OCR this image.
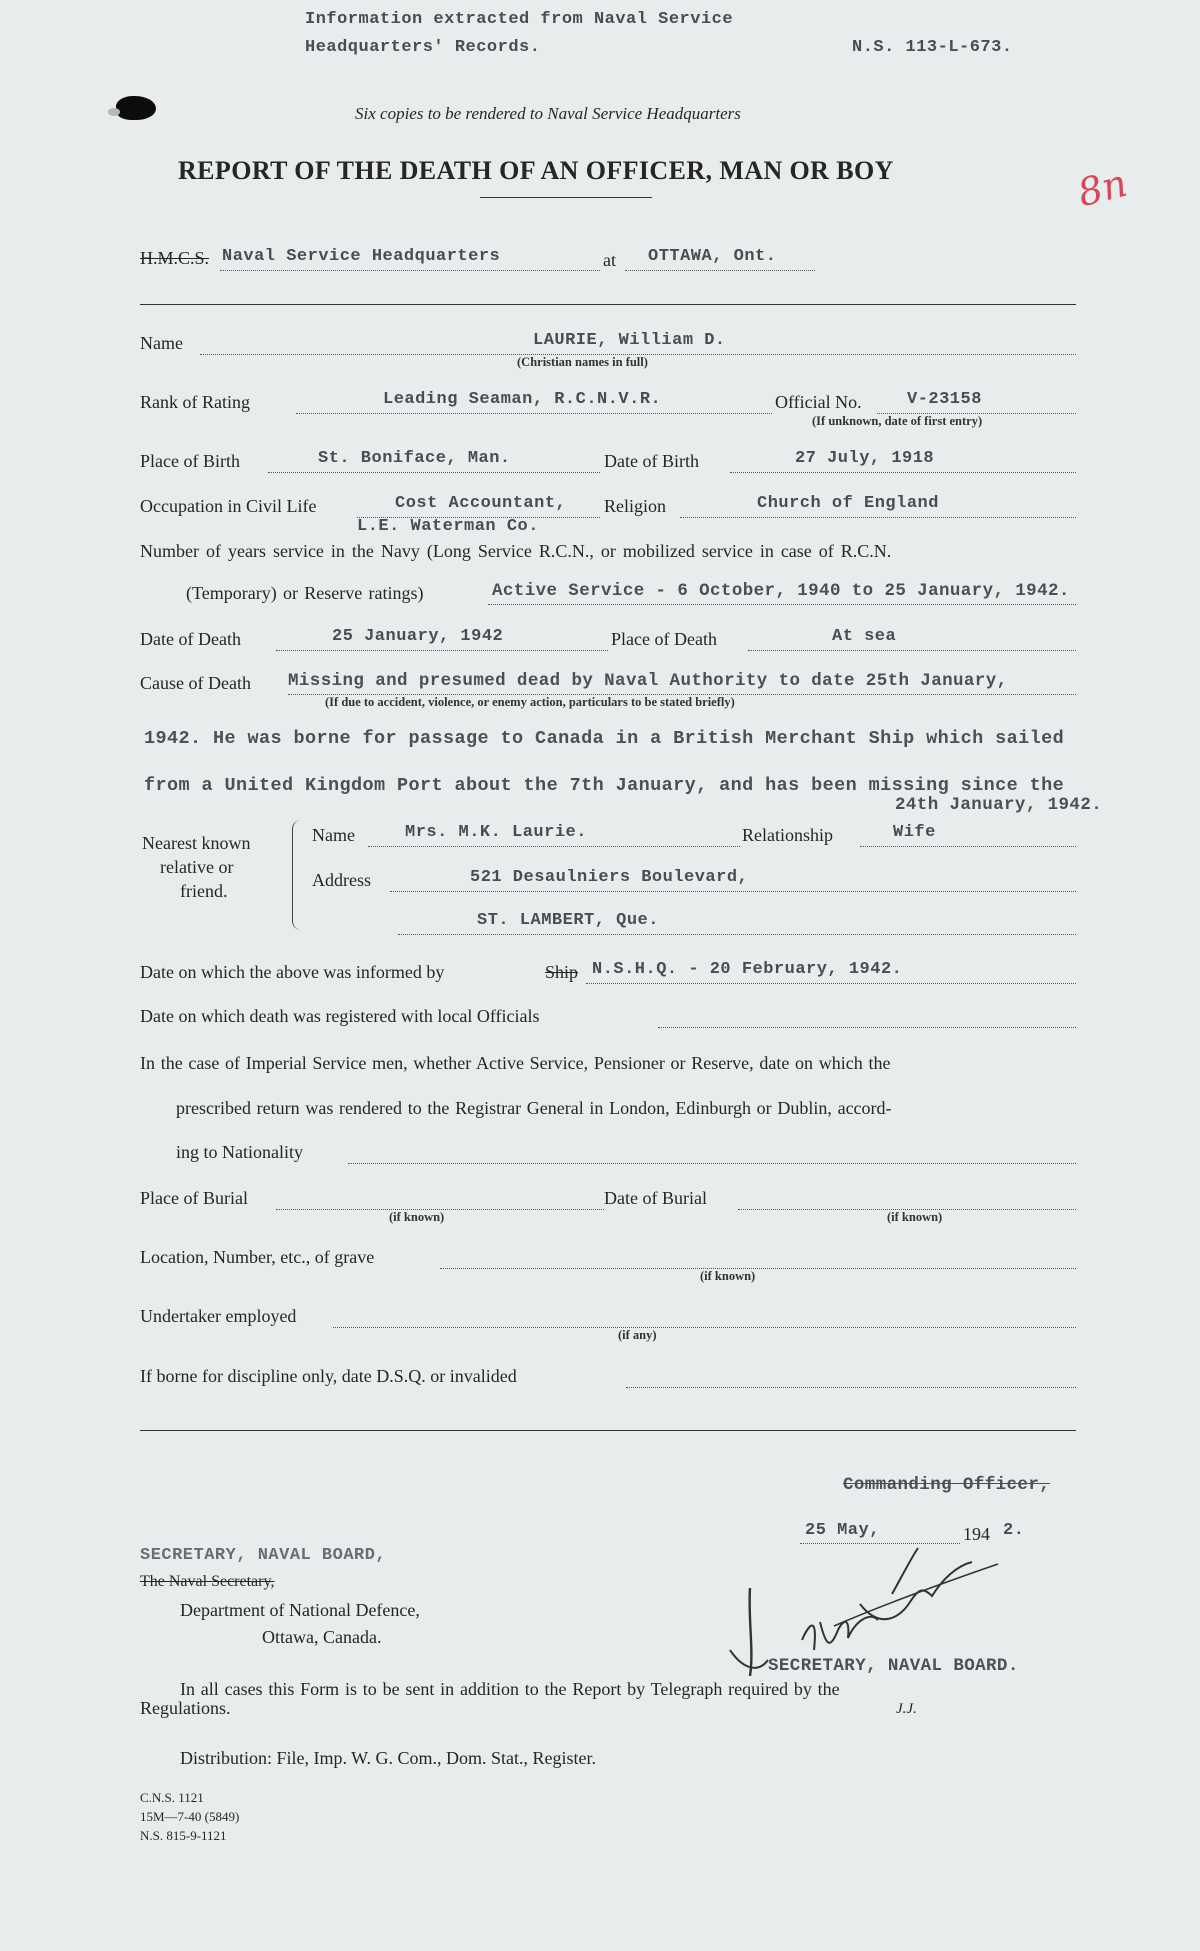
Information extracted from Naval Service
Headquarters' Records.	N.S. 113-L-673.
Six copies to be rendered to Naval Service Headquarters
REPORT OF THE DEATH OF AN OFFICER, MAN OR BOY	8n
H.M.C.S. Naval Service Headquarters	at OTTAWA, Ont.
Name	LAURIE, William D.
(Christian names in full)
Rank of Rating	Leading Seaman, R.C.N.V.R.	Official No.	V-23158
(If unknown, date of first entry)
Place of Birth	St. Boniface, Man.	Date of Birth	27 July, 1918
Occupation in Civil Life	Cost Accountant,
L.E. Waterman Co.
Religion	Church of England
Number of years service in the Navy (Long Service R.C.N., or mobilized service in case of R.C.N.
(Temporary) or Reserve ratings)	Active Service - 6 October, 1940 to 25 January, 1942.
Date of Death	25 January, 1942	Place of Death	At sea
Cause of Death Missing and presumed dead by Naval Authority to date 25th January,
(If due to accident, violence, or enemy action, particulars to be stated briefly)
1942. He was borne for passage to Canada in a British Merchant Ship which sailed
from a United Kingdom Port about the 7th January, and has been missing since the
24th January, 1942.
Nearest known
relative or
friend.
Name	Mrs. M.K. Laurie.	Relationship	Wife
Address	521 Desaulniers Boulevard,
ST. LAMBERT, Que.
Date on which the above was informed by	Ship N.S.H.Q. - 20 February, 1942.
Date on which death was registered with local Officials
In the case of Imperial Service men, whether Active Service, Pensioner or Reserve, date on which the
prescribed return was rendered to the Registrar General in London, Edinburgh or Dublin, accord-
ing to Nationality
Place of Burial
(if known)
Date of Burial
(if known)
Location, Number, etc., of grave
(if known)
Undertaker employed
(if any)
If borne for discipline only, date D.S.Q. or invalided
Commanding Officer,
25 May,	194 2.
SECRETARY, NAVAL BOARD,
The Naval Secretary,
Department of National Defence,
Ottawa, Canada.
SECRETARY, NAVAL BOARD.
In all cases this Form is to be sent in addition to the Report by Telegraph required by the
Regulations.	J.J.
Distribution: File, Imp. W. G. Com., Dom. Stat., Register.
C.N.S. 1121
15M—7-40 (5849)
N.S. 815-9-1121
